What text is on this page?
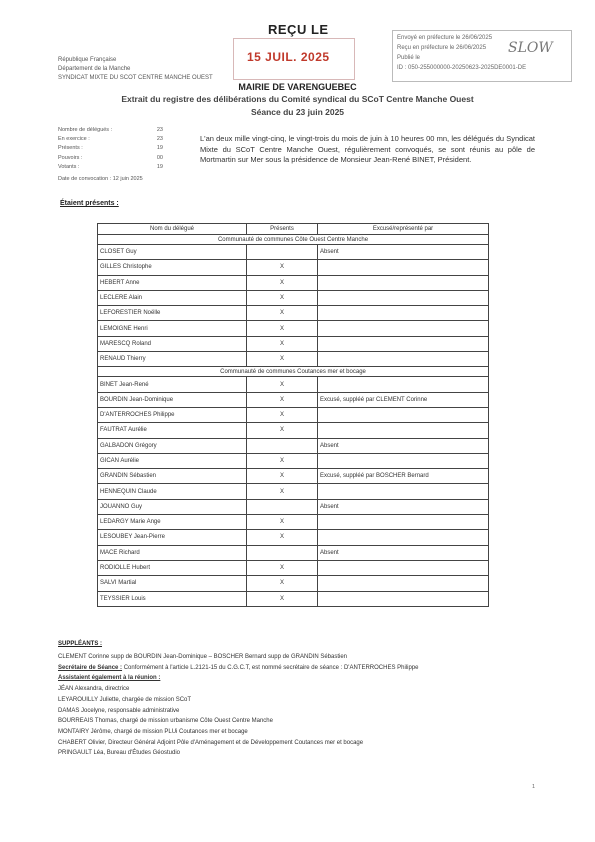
REÇU LE
15 JUIL. 2025
Envoyé en préfecture le 26/06/2025
Reçu en préfecture le 26/06/2025
Publié le
ID : 050-255000000-20250623-2025DE0001-DE
SLOW
République Française
Département de la Manche
SYNDICAT MIXTE DU SCOT CENTRE MANCHE OUEST
MAIRIE DE VARENGUEBEC
Extrait du registre des délibérations du Comité syndical du SCoT Centre Manche Ouest
Séance du 23 juin 2025
Nombre de délégués :	23
En exercice :	23
Présents :	19
Pouvoirs :	00
Votants :	19
Date de convocation : 12 juin 2025
L'an deux mille vingt-cinq, le vingt-trois du mois de juin à 10 heures 00 mn, les délégués du Syndicat Mixte du SCoT Centre Manche Ouest, régulièrement convoqués, se sont réunis au pôle de Mortmartin sur Mer sous la présidence de Monsieur Jean-René BINET, Président.
Étaient présents :
Nom du délégué	Présents	Excusé/représenté par
Communauté de communes Côte Ouest Centre Manche		
CLOSET Guy		Absent
GILLES Christophe	X	
HEBERT Anne	X	
LECLERE Alain	X	
LEFORESTIER Noëlle	X	
LEMOIGNE Henri	X	
MARESCQ Roland	X	
RENAUD Thierry	X	
Communauté de communes Coutances mer et bocage		
BINET Jean-René	X	
BOURDIN Jean-Dominique	X	Excusé, suppléé par CLEMENT Corinne
D'ANTERROCHES Philippe	X	
FAUTRAT Aurélie	X	
GALBADON Grégory		Absent
GICAN Aurélie	X	
GRANDIN Sébastien	X	Excusé, suppléé par BOSCHER Bernard
HENNEQUIN Claude	X	
JOUANNO Guy		Absent
LEDARGY Marie Ange	X	
LESOUBEY Jean-Pierre	X	
MACE Richard		Absent
RODIOLLE Hubert	X	
SALVI Martial	X	
TEYSSIER Louis	X	
SUPPLÉANTS :
CLEMENT Corinne supp de BOURDIN Jean-Dominique – BOSCHER Bernard supp de GRANDIN Sébastien
Secrétaire de Séance : Conformément à l'article L.2121-15 du C.G.C.T, est nommé secrétaire de séance : D'ANTERROCHES Philippe
Assistaient également à la réunion :
JÉAN Alexandra, directrice
LEYAROUILLY Juliette, chargée de mission SCoT
DAMAS Jocelyne, responsable administrative
BOURREAIS Thomas, chargé de mission urbanisme Côte Ouest Centre Manche
MONTAIRY Jérôme, chargé de mission PLUi Coutances mer et bocage
CHABERT Olivier, Directeur Général Adjoint Pôle d'Aménagement et de Développement Coutances mer et bocage
PRINGAULT Léa, Bureau d'Études Géostudio
1
